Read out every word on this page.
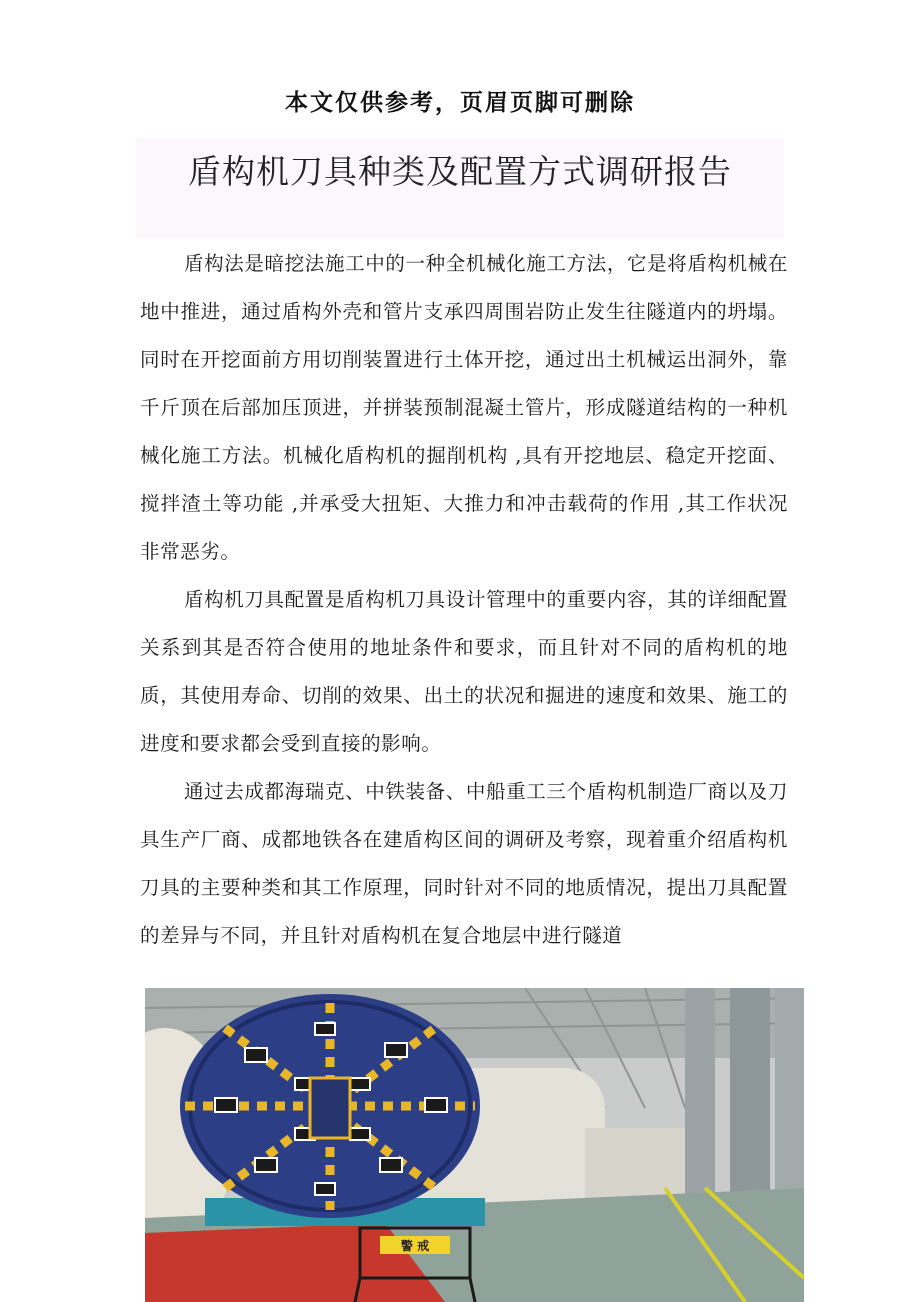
本文仅供参考，页眉页脚可删除
盾构机刀具种类及配置方式调研报告

盾构法是暗挖法施工中的一种全机械化施工方法，它是将盾构机械在地中推进，通过盾构外壳和管片支承四周围岩防止发生往隧道内的坍塌。同时在开挖面前方用切削装置进行土体开挖，通过出土机械运出洞外，靠千斤顶在后部加压顶进，并拼装预制混凝土管片，形成隧道结构的一种机械化施工方法。机械化盾构机的掘削机构 ,具有开挖地层、稳定开挖面、搅拌渣土等功能 ,并承受大扭矩、大推力和冲击载荷的作用 ,其工作状况非常恶劣。

盾构机刀具配置是盾构机刀具设计管理中的重要内容，其的详细配置关系到其是否符合使用的地址条件和要求，而且针对不同的盾构机的地质，其使用寿命、切削的效果、出土的状况和掘进的速度和效果、施工的进度和要求都会受到直接的影响。

通过去成都海瑞克、中铁装备、中船重工三个盾构机制造厂商以及刀具生产厂商、成都地铁各在建盾构区间的调研及考察，现着重介绍盾构机刀具的主要种类和其工作原理，同时针对不同的地质情况，提出刀具配置的差异与不同，并且针对盾构机在复合地层中进行隧道

警 戒
